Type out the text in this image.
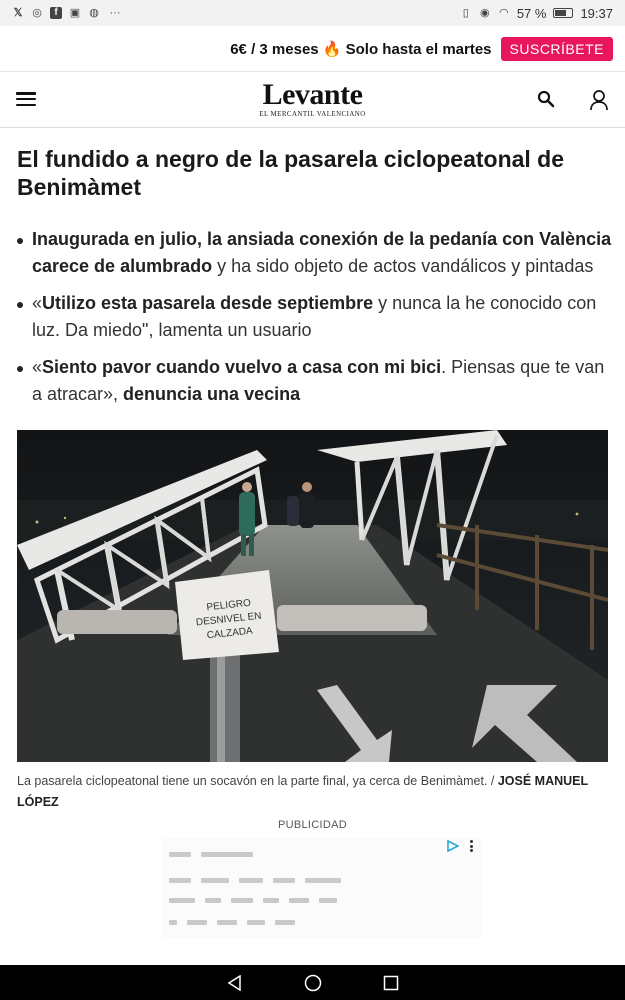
𝕏 ◎	f	▣ ◍ ···	▯ ◉ ◠ 57 %	19:37
6€ / 3 meses 🔥 Solo hasta el martes	SUSCRÍBETE
Levante
EL MERCANTIL VALENCIANO
El fundido a negro de la pasarela ciclopeatonal de Benimàmet
Inaugurada en julio, la ansiada conexión de la pedanía con València carece de alumbrado y ha sido objeto de actos vandálicos y pintadas
«Utilizo esta pasarela desde septiembre y nunca la he conocido con luz. Da miedo", lamenta un usuario
«Siento pavor cuando vuelvo a casa con mi bici. Piensas que te van a atracar», denuncia una vecina
PELIGRO
DESNIVEL EN
CALZADA

La pasarela ciclopeatonal tiene un socavón en la parte final, ya cerca de Benimàmet. / JOSÉ MANUEL LÓPEZ

PUBLICIDAD
